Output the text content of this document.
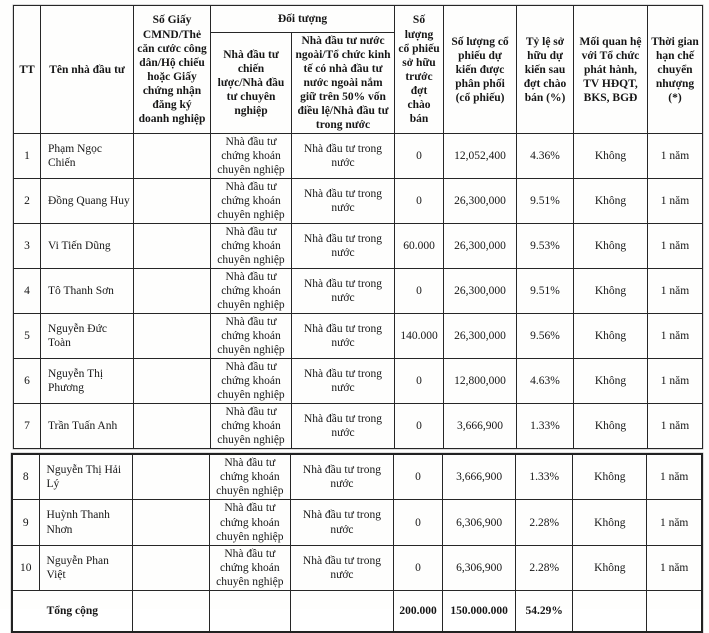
TT	Tên nhà đầu tư	Số Giấy CMND/Thẻ căn cước công dân/Hộ chiếu hoặc Giấy chứng nhận đăng ký doanh nghiệp	Đối tượng		Số lượng cổ phiếu sở hữu trước đợt chào bán	Số lượng cổ phiếu dự kiến được phân phối (cổ phiếu)	Tỷ lệ sở hữu dự kiến sau đợt chào bán (%)	Mối quan hệ với Tổ chức phát hành, TV HĐQT, BKS, BGĐ	Thời gian hạn chế chuyển nhượng (*)
			Nhà đầu tư chiến lược/Nhà đầu tư chuyên nghiệp	Nhà đầu tư nước ngoài/Tổ chức kinh tế có nhà đầu tư nước ngoài nắm giữ trên 50% vốn điều lệ/Nhà đầu tư trong nước					
1	Phạm Ngọc Chiến		Nhà đầu tư chứng khoán chuyên nghiệp	Nhà đầu tư trong nước	0	12,052,400	4.36%	Không	1 năm
2	Đồng Quang Huy		Nhà đầu tư chứng khoán chuyên nghiệp	Nhà đầu tư trong nước	0	26,300,000	9.51%	Không	1 năm
3	Vi Tiến Dũng		Nhà đầu tư chứng khoán chuyên nghiệp	Nhà đầu tư trong nước	60.000	26,300,000	9.53%	Không	1 năm
4	Tô Thanh Sơn		Nhà đầu tư chứng khoán chuyên nghiệp	Nhà đầu tư trong nước	0	26,300,000	9.51%	Không	1 năm
5	Nguyễn Đức Toàn		Nhà đầu tư chứng khoán chuyên nghiệp	Nhà đầu tư trong nước	140.000	26,300,000	9.56%	Không	1 năm
6	Nguyễn Thị Phương		Nhà đầu tư chứng khoán chuyên nghiệp	Nhà đầu tư trong nước	0	12,800,000	4.63%	Không	1 năm
7	Trần Tuấn Anh		Nhà đầu tư chứng khoán chuyên nghiệp	Nhà đầu tư trong nước	0	3,666,900	1.33%	Không	1 năm
8	Nguyễn Thị Hải Lý		Nhà đầu tư chứng khoán chuyên nghiệp	Nhà đầu tư trong nước	0	3,666,900	1.33%	Không	1 năm
9	Huỳnh Thanh Nhơn		Nhà đầu tư chứng khoán chuyên nghiệp	Nhà đầu tư trong nước	0	6,306,900	2.28%	Không	1 năm
10	Nguyễn Phan Việt		Nhà đầu tư chứng khoán chuyên nghiệp	Nhà đầu tư trong nước	0	6,306,900	2.28%	Không	1 năm
Tổng cộng					200.000	150.000.000	54.29%		
